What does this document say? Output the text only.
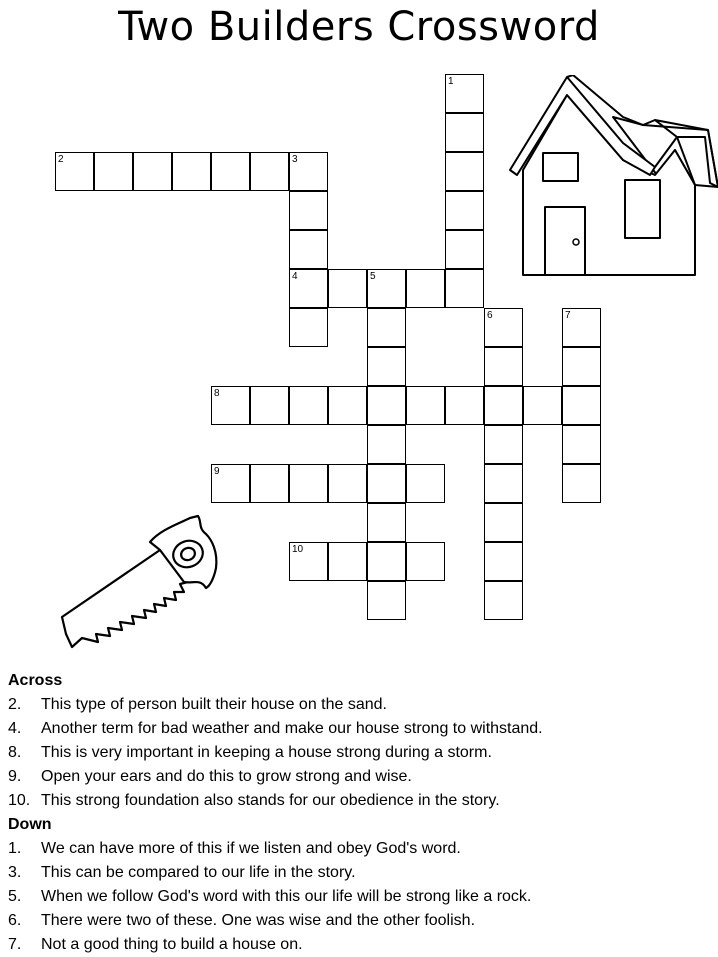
Two Builders Crossword
2	3
4
1
5
6	7
8
9
10
Across
2. This type of person built their house on the sand.
4. Another term for bad weather and make our house strong to withstand.
8. This is very important in keeping a house strong during a storm.
9. Open your ears and do this to grow strong and wise.
10. This strong foundation also stands for our obedience in the story.
Down
1. We can have more of this if we listen and obey God's word.
3. This can be compared to our life in the story.
5. When we follow God's word with this our life will be strong like a rock.
6. There were two of these. One was wise and the other foolish.
7. Not a good thing to build a house on.
